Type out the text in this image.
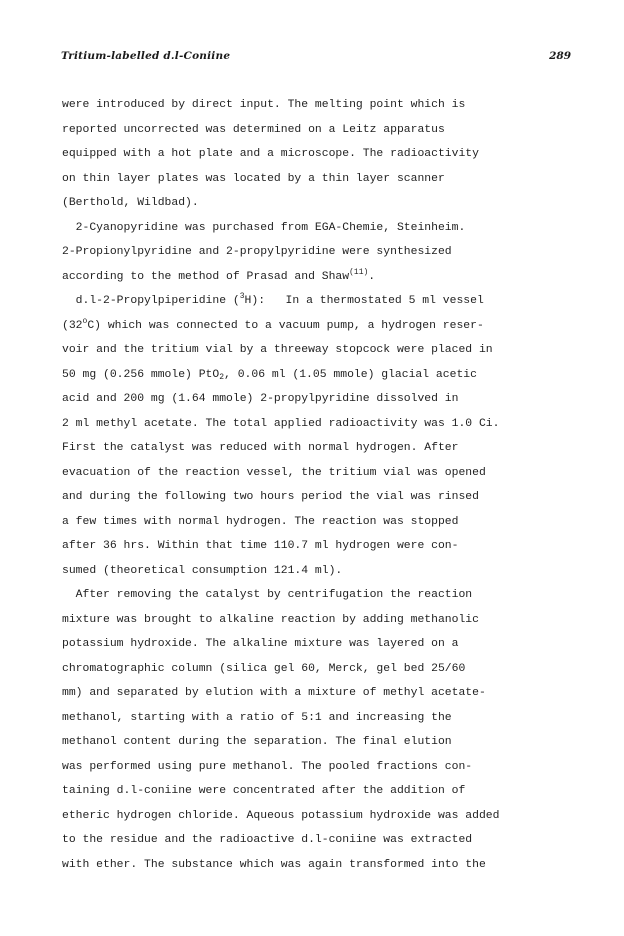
Tritium-labelled d.l-Coniine	289
were introduced by direct input. The melting point which is
reported uncorrected was determined on a Leitz apparatus
equipped with a hot plate and a microscope. The radioactivity
on thin layer plates was located by a thin layer scanner
(Berthold, Wildbad).
2-Cyanopyridine was purchased from EGA-Chemie, Steinheim.
2-Propionylpyridine and 2-propylpyridine were synthesized
according to the method of Prasad and Shaw$^{(11)}$.
d.l-2-Propylpiperidine ($^3$H):   In a thermostated 5 ml vessel
(32$^o$C) which was connected to a vacuum pump, a hydrogen reser-
voir and the tritium vial by a threeway stopcock were placed in
50 mg (0.256 mmole) PtO$_2$, 0.06 ml (1.05 mmole) glacial acetic
acid and 200 mg (1.64 mmole) 2-propylpyridine dissolved in
2 ml methyl acetate. The total applied radioactivity was 1.0 Ci.
First the catalyst was reduced with normal hydrogen. After
evacuation of the reaction vessel, the tritium vial was opened
and during the following two hours period the vial was rinsed
a few times with normal hydrogen. The reaction was stopped
after 36 hrs. Within that time 110.7 ml hydrogen were con-
sumed (theoretical consumption 121.4 ml).
After removing the catalyst by centrifugation the reaction
mixture was brought to alkaline reaction by adding methanolic
potassium hydroxide. The alkaline mixture was layered on a
chromatographic column (silica gel 60, Merck, gel bed 25/60
mm) and separated by elution with a mixture of methyl acetate-
methanol, starting with a ratio of 5:1 and increasing the
methanol content during the separation. The final elution
was performed using pure methanol. The pooled fractions con-
taining d.l-coniine were concentrated after the addition of
etheric hydrogen chloride. Aqueous potassium hydroxide was added
to the residue and the radioactive d.l-coniine was extracted
with ether. The substance which was again transformed into the
